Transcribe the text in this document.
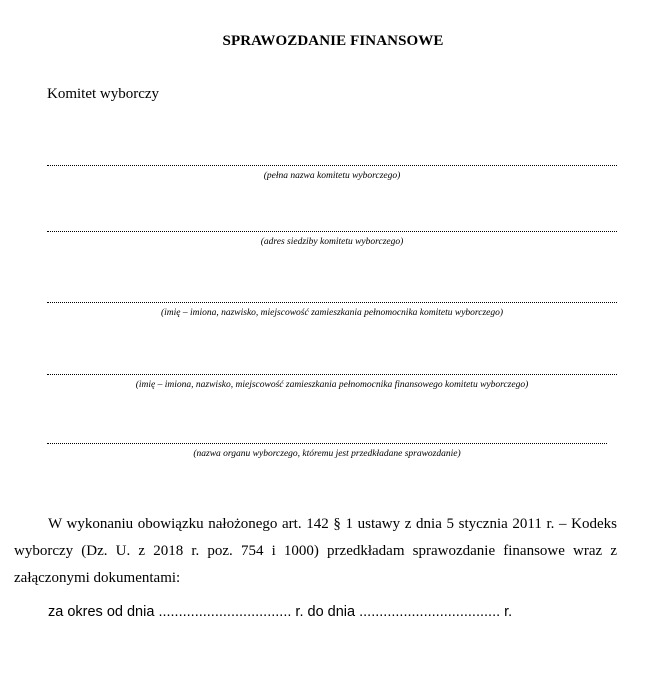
SPRAWOZDANIE FINANSOWE
Komitet wyborczy
(pełna nazwa komitetu wyborczego)
(adres siedziby komitetu wyborczego)
(imię – imiona, nazwisko, miejscowość zamieszkania pełnomocnika komitetu wyborczego)
(imię – imiona, nazwisko, miejscowość zamieszkania pełnomocnika finansowego komitetu wyborczego)
(nazwa organu wyborczego, któremu jest przedkładane sprawozdanie)
W wykonaniu obowiązku nałożonego art. 142 § 1 ustawy z dnia 5 stycznia 2011 r. – Kodeks wyborczy (Dz. U. z 2018 r. poz. 754 i 1000) przedkładam sprawozdanie finansowe wraz z załączonymi dokumentami:
za okres od dnia ................................. r. do dnia ................................... r.
